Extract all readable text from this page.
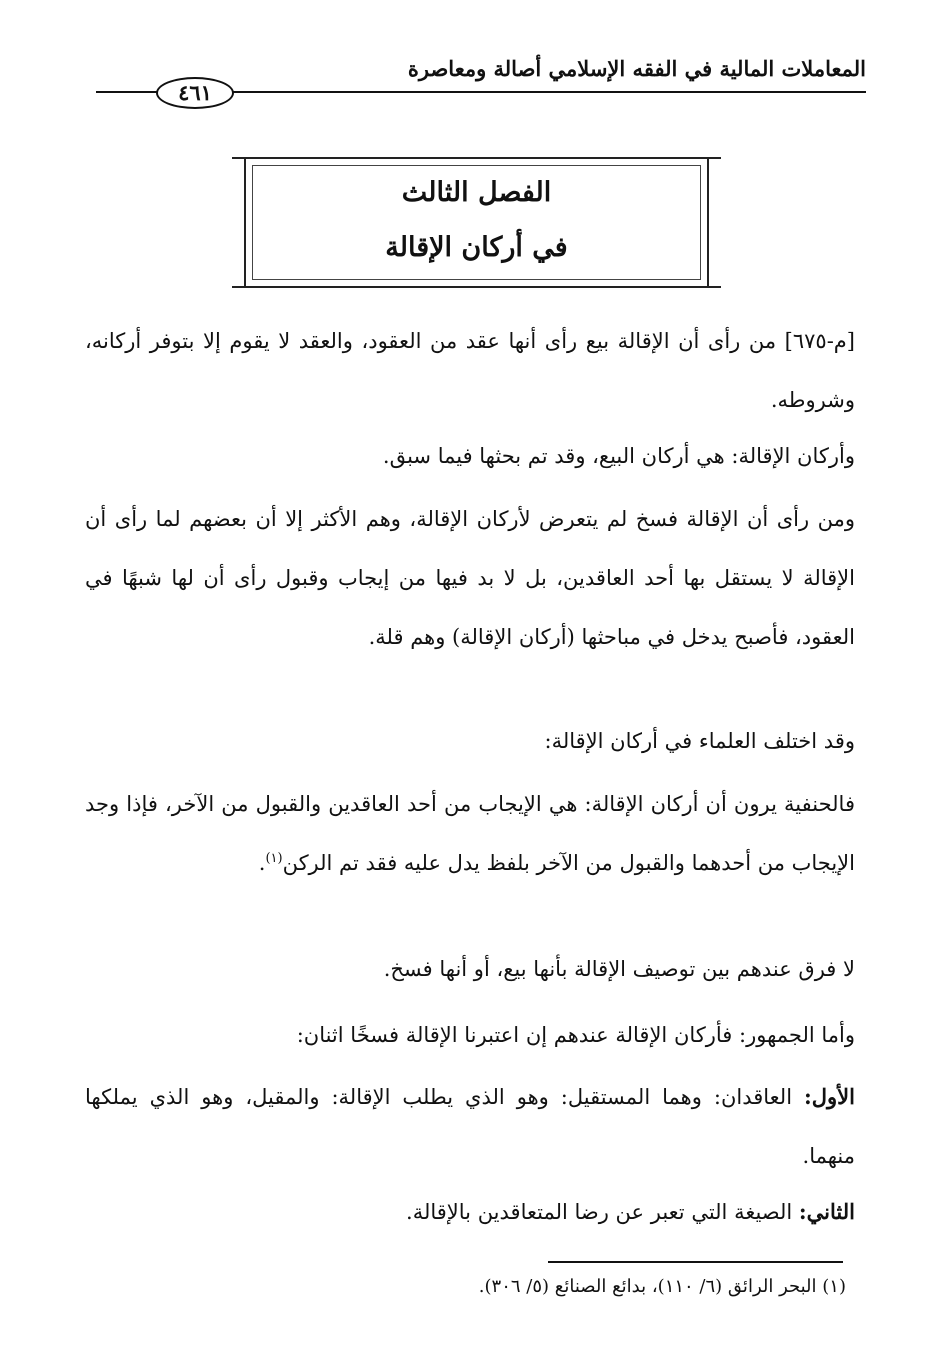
المعاملات المالية في الفقه الإسلامي أصالة ومعاصرة
٤٦١
الفصل الثالث
في أركان الإقالة
[م-٦٧٥] من رأى أن الإقالة بيع رأى أنها عقد من العقود، والعقد لا يقوم إلا بتوفر أركانه، وشروطه.
وأركان الإقالة: هي أركان البيع، وقد تم بحثها فيما سبق.
ومن رأى أن الإقالة فسخ لم يتعرض لأركان الإقالة، وهم الأكثر إلا أن بعضهم لما رأى أن الإقالة لا يستقل بها أحد العاقدين، بل لا بد فيها من إيجاب وقبول رأى أن لها شبهًا في العقود، فأصبح يدخل في مباحثها (أركان الإقالة) وهم قلة.
وقد اختلف العلماء في أركان الإقالة:
فالحنفية يرون أن أركان الإقالة: هي الإيجاب من أحد العاقدين والقبول من الآخر، فإذا وجد الإيجاب من أحدهما والقبول من الآخر بلفظ يدل عليه فقد تم الركن$^{(١)}$.
لا فرق عندهم بين توصيف الإقالة بأنها بيع، أو أنها فسخ.
وأما الجمهور: فأركان الإقالة عندهم إن اعتبرنا الإقالة فسخًا اثنان:
الأول: العاقدان: وهما المستقيل: وهو الذي يطلب الإقالة: والمقيل، وهو الذي يملكها منهما.
الثاني: الصيغة التي تعبر عن رضا المتعاقدين بالإقالة.
(١) البحر الرائق (٦/ ١١٠)، بدائع الصنائع (٥/ ٣٠٦).
